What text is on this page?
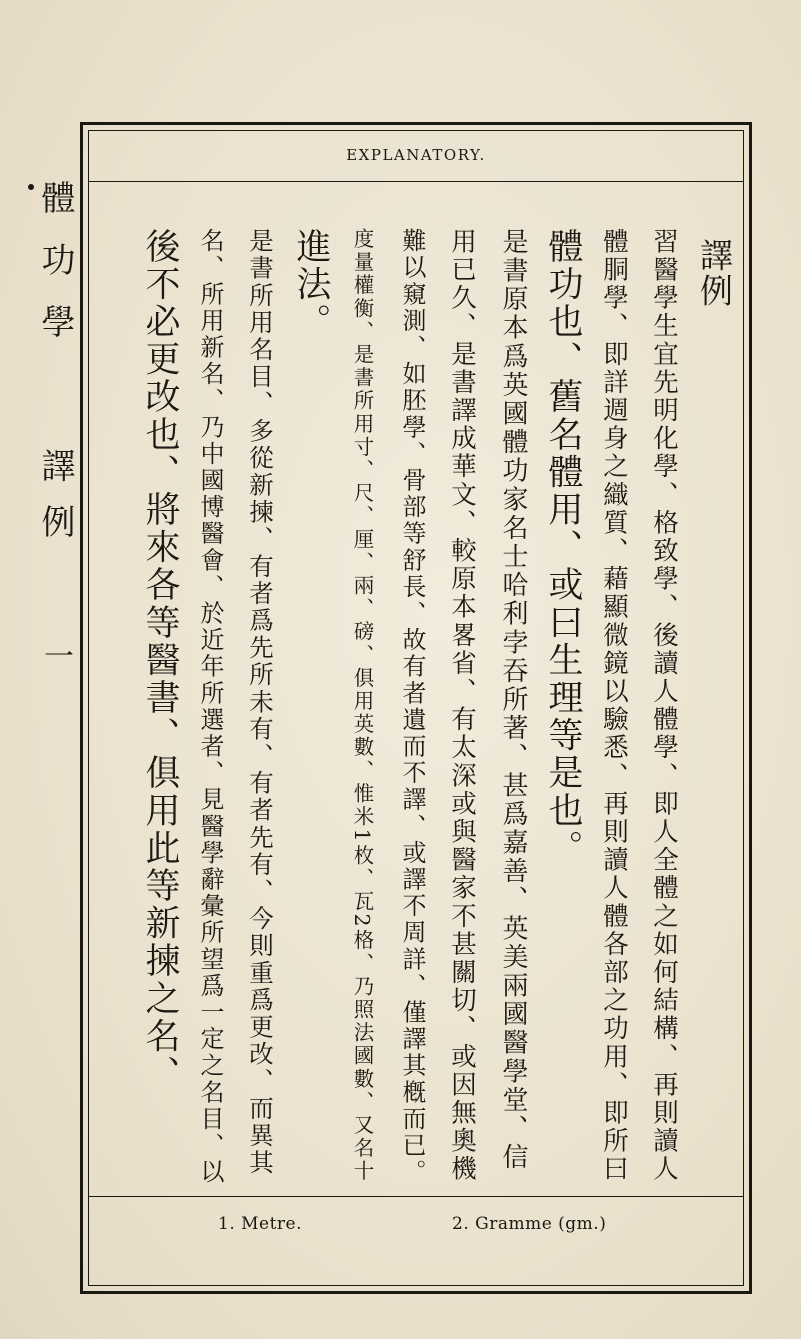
體功學
譯例
一
EXPLANATORY.
譯例
習醫學生宜先明化學、格致學、後讀人體學、即人全體之如何結構、再則讀人
體胴學、即詳週身之織質、藉顯微鏡以驗悉、再則讀人體各部之功用、即所曰
體功也、舊名體用、或曰生理等是也。
是書原本爲英國體功家名士哈利孛吞所著、甚爲嘉善、英美兩國醫學堂、信
用已久、是書譯成華文、較原本畧省、有太深或與醫家不甚關切、或因無奧機
難以窺測、如胚學、骨部等舒長、故有者遺而不譯、或譯不周詳、僅譯其槪而已。
度量權衡、是書所用寸、尺、厘、兩、磅、俱用英數、惟米1枚、瓦2格、乃照法國數、又名十
進法。
是書所用名目、多從新揀、有者爲先所未有、有者先有、今則重爲更改、而異其
名、所用新名、乃中國博醫會、於近年所選者、見醫學辭彙所望爲一定之名目、以
後不必更改也、將來各等醫書、俱用此等新揀之名、
1. Metre.	2. Gramme (gm.)
